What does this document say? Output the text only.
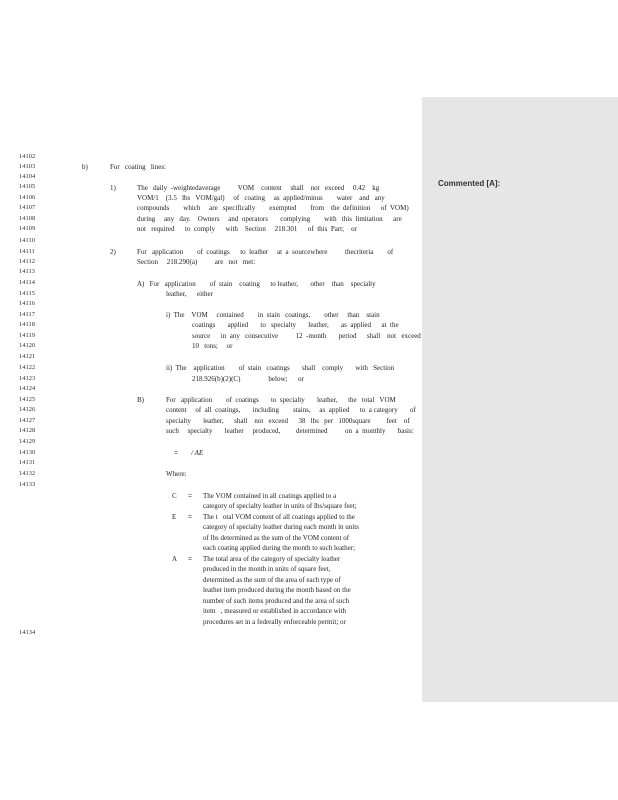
Commented [A]:
14102
14103
14104
14105
14106
14107
14108
14109
14110
14111
14112
14113
14114
14115
14116
14117
14118
14119
14120
14121
14122
14123
14124
14125
14126
14127
14128
14129
14130
14131
14132
14133
14134
b)	For   coating   lines:
1)	The   daily  -weightedaverage          VOM    content     shall    not   exceed     0.42    kg
VOM/1    (3.5   lbs   VOM/gal)     of   coating     as  applied/minus        water    and   any
compounds        which     are   specifically        exempted        from    the  definition      of  VOM)
during     any   day.    Owners     and  operators       complying        with   this  limitation      are
not   required      to  comply      with    Section     218.301      of  this  Part;    or
2)	For   application        of  coatings      to  leather     at  a  sourcewhere          thecriteria        of
Section     218.290(a)          are   not   met:
A)   For   application        of  stain    coating      to leather,       other    than    specialty
leather,      either
i)  The    VOM     contained        in  stain   coatings,        other     than    stain
coatings       applied       to   specialty       leather,       as  applied      at  the
source      in  any   consecutive          12  -month       period      shall    not   exceed
10   tons;     or
ii)  The    application        of  stain   coatings       shall    comply       with   Section
218.926(b)(2)(C)                below;      or
B)	For   application        of  coatings       to  specialty       leather,      the   total   VOM
content     of  all  coatings,       including        stains,     as  applied      to  a category       of
specialty       leather,      shall    not   exceed      38   lbs   per   1000square         feet    of
such     specialty       leather     produced,         determined          on  a  monthly       basis:
= / AE
Where:
C = The VOM contained in all coatings applied to a
category of specialty leather in units of lbs/square feet;
E = The t   otal VOM content of all coatings applied to the
category of specialty leather during each month in units
of lbs determined as the sum of the VOM content of
each coating applied during the month to such leather;
A = The total area of the category of specialty leather
produced in the month in units of square feet,
determined as the sum of the area of each type of
leather item produced during the month based on the
number of such items produced and the area of such
item   , measured or established in accordance with
procedures set in a federally enforceable permit; or
